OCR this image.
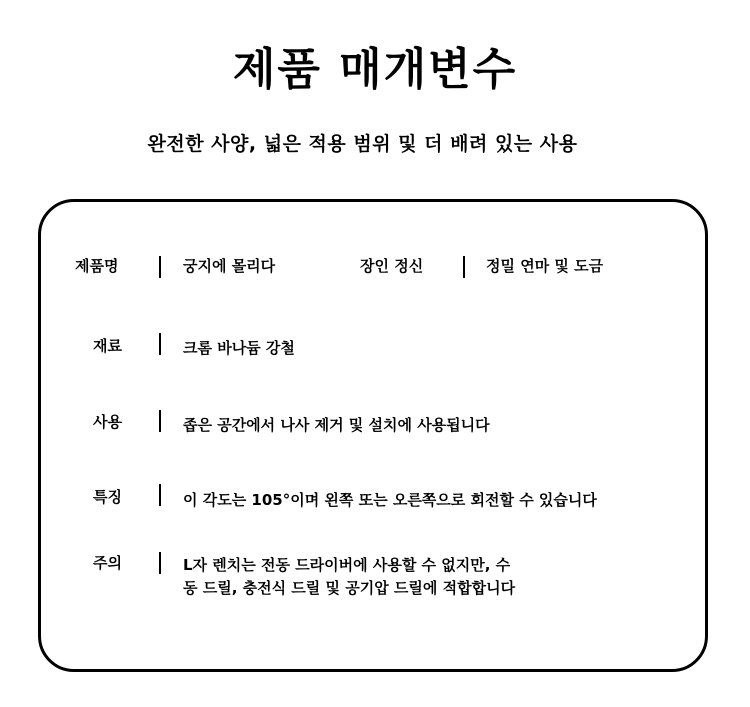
제품 매개변수
완전한 사양, 넓은 적용 범위 및 더 배려 있는 사용
제품명	궁지에 몰리다	장인 정신	정밀 연마 및 도금
재료	크롬 바나듐 강철
사용	좁은 공간에서 나사 제거 및 설치에 사용됩니다
특징	이 각도는 105°이며 왼쪽 또는 오른쪽으로 회전할 수 있습니다
주의	L자 렌치는 전동 드라이버에 사용할 수 없지만, 수
동 드릴, 충전식 드릴 및 공기압 드릴에 적합합니다
